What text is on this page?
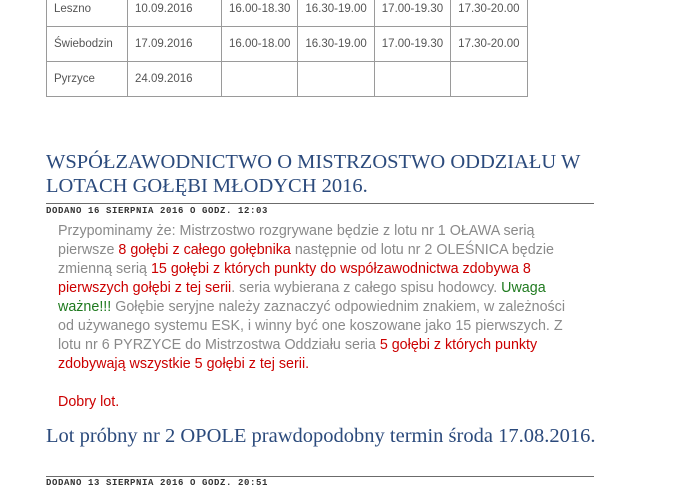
Leszno	10.09.2016	16.00-18.30	16.30-19.00	17.00-19.30	17.30-20.00
Świebodzin	17.09.2016	16.00-18.00	16.30-19.00	17.00-19.30	17.30-20.00
Pyrzyce	24.09.2016				
WSPÓŁZAWODNICTWO O MISTRZOSTWO ODDZIAŁU W LOTACH GOŁĘBI MŁODYCH 2016.
DODANO 16 SIERPNIA 2016 O GODZ. 12:03
Przypominamy że: Mistrzostwo rozgrywane będzie z lotu nr 1 OŁAWA serią pierwsze 8 gołębi z całego gołębnika następnie od lotu nr 2 OLEŚNICA będzie zmienną serią 15 gołębi z których punkty do współzawodnictwa zdobywa 8 pierwszych gołębi z tej serii. seria wybierana z całego spisu hodowcy. Uwaga ważne!!! Gołębie seryjne należy zaznaczyć odpowiednim znakiem, w zależności od używanego systemu ESK, i winny być one koszowane jako 15 pierwszych. Z lotu nr 6 PYRZYCE do Mistrzostwa Oddziału seria 5 gołębi z których punkty zdobywają wszystkie 5 gołębi z tej serii.
Dobry lot.
Lot próbny nr 2 OPOLE prawdopodobny termin środa 17.08.2016.
DODANO 13 SIERPNIA 2016 O GODZ. 20:51
